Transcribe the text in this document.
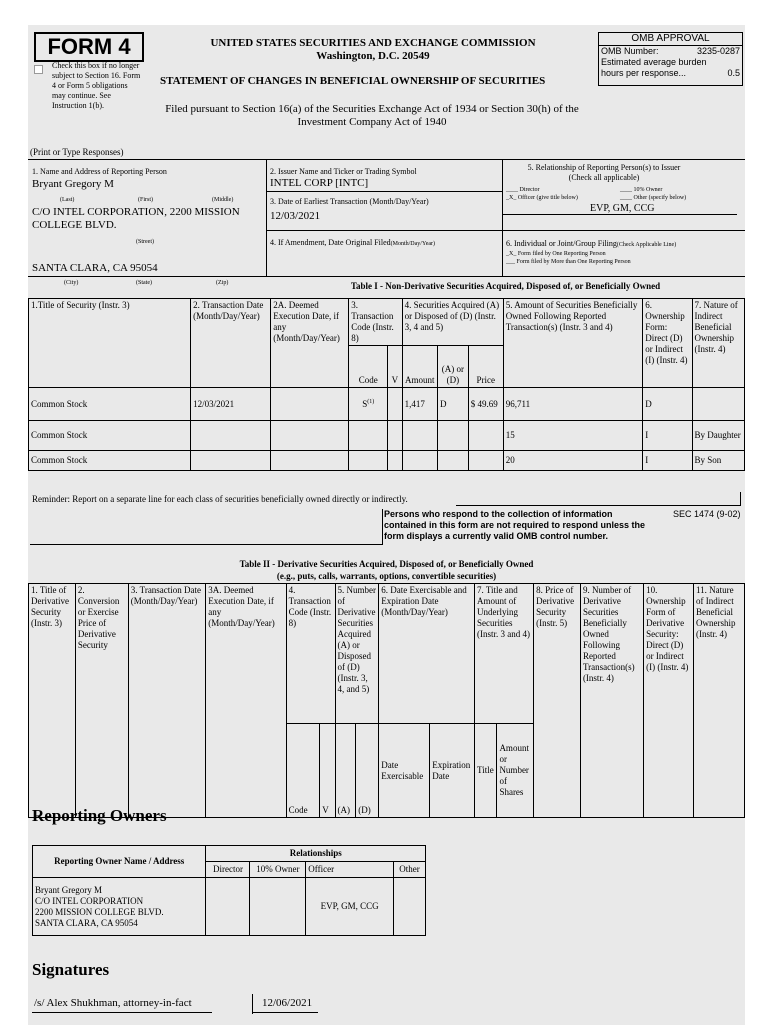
FORM 4
Check this box if no longer subject to Section 16. Form 4 or Form 5 obligations may continue. See Instruction 1(b).
UNITED STATES SECURITIES AND EXCHANGE COMMISSION
Washington, D.C. 20549
STATEMENT OF CHANGES IN BENEFICIAL OWNERSHIP OF SECURITIES
Filed pursuant to Section 16(a) of the Securities Exchange Act of 1934 or Section 30(h) of the Investment Company Act of 1940
OMB APPROVAL
OMB Number:	3235-0287
Estimated average burden
hours per response...	0.5
(Print or Type Responses)
1. Name and Address of Reporting Person
Bryant Gregory M
(Last)	(First)	(Middle)
C/O INTEL CORPORATION, 2200 MISSION COLLEGE BLVD.
(Street)
SANTA CLARA, CA 95054
(City)	(State)	(Zip)
2. Issuer Name and Ticker or Trading Symbol
INTEL CORP [INTC]
3. Date of Earliest Transaction (Month/Day/Year)
12/03/2021
4. If Amendment, Date Original Filed(Month/Day/Year)
5. Relationship of Reporting Person(s) to Issuer
(Check all applicable)
____ Director	____ 10% Owner
_X_ Officer (give title below)	____ Other (specify below)
EVP, GM, CCG
6. Individual or Joint/Group Filing(Check Applicable Line)
_X_ Form filed by One Reporting Person
___ Form filed by More than One Reporting Person
Table I - Non-Derivative Securities Acquired, Disposed of, or Beneficially Owned
1.Title of Security (Instr. 3)	2. Transaction Date (Month/Day/Year)	2A. Deemed Execution Date, if any (Month/Day/Year)	3. Transaction Code (Instr. 8)		4. Securities Acquired (A) or Disposed of (D) (Instr. 3, 4 and 5)			5. Amount of Securities Beneficially Owned Following Reported Transaction(s) (Instr. 3 and 4)	6. Ownership Form: Direct (D) or Indirect (I) (Instr. 4)	7. Nature of Indirect Beneficial Ownership (Instr. 4)
			Code	V	Amount	(A) or (D)	Price			
Common Stock	12/03/2021		$S^{(1)}$		1,417	D	$ 49.69	96,711	D	
Common Stock								15	I	By Daughter
Common Stock								20	I	By Son
Reminder: Report on a separate line for each class of securities beneficially owned directly or indirectly.
Persons who respond to the collection of information contained in this form are not required to respond unless the form displays a currently valid OMB control number.
SEC 1474 (9-02)
Table II - Derivative Securities Acquired, Disposed of, or Beneficially Owned
(e.g., puts, calls, warrants, options, convertible securities)
1. Title of Derivative Security (Instr. 3)	2. Conversion or Exercise Price of Derivative Security	3. Transaction Date (Month/Day/Year)	3A. Deemed Execution Date, if any (Month/Day/Year)	4. Transaction Code (Instr. 8)		5. Number of Derivative Securities Acquired (A) or Disposed of (D) (Instr. 3, 4, and 5)		6. Date Exercisable and Expiration Date (Month/Day/Year)		7. Title and Amount of Underlying Securities (Instr. 3 and 4)		8. Price of Derivative Security (Instr. 5)	9. Number of Derivative Securities Beneficially Owned Following Reported Transaction(s) (Instr. 4)	10. Ownership Form of Derivative Security: Direct (D) or Indirect (I) (Instr. 4)	11. Nature of Indirect Beneficial Ownership (Instr. 4)
				Code	V	(A)	(D)	Date Exercisable	Expiration Date	Title	Amount or Number of Shares				
Reporting Owners
Reporting Owner Name / Address	Relationships			
	Director	10% Owner	Officer	Other

Bryant Gregory M
C/O INTEL CORPORATION
2200 MISSION COLLEGE BLVD.
SANTA CLARA, CA 95054			EVP, GM, CCG	
Signatures
/s/ Alex Shukhman, attorney-in-fact	12/06/2021
